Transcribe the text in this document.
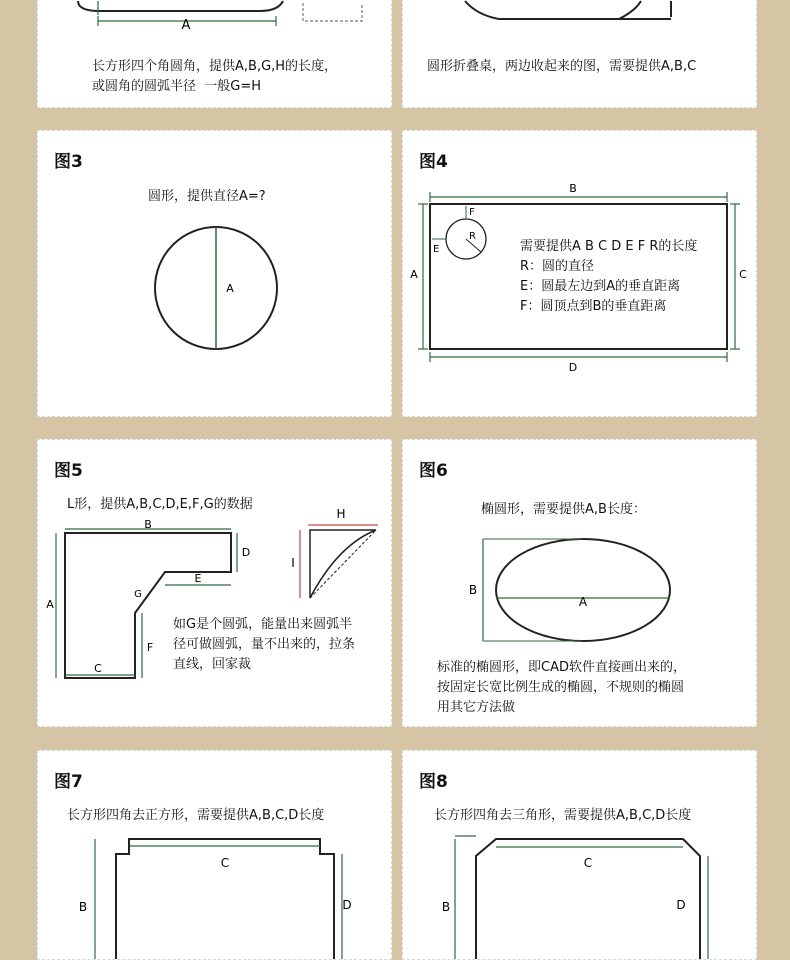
A
长方形四个角圆角，提供A,B,G,H的长度，
或圆角的圆弧半径  一般G=H
圆形折叠桌，两边收起来的图，需要提供A,B,C
图3
圆形，提供直径A=?
A
图4
B
D
A	C
R
F
E	需要提供A B C D E F R的长度
R：圆的直径
E：圆最左边到A的垂直距离
F：圆顶点到B的垂直距离
图5
L形，提供A,B,C,D,E,F,G的数据
B
A
C
D
E
F
G
H
I
如G是个圆弧，能量出来圆弧半
径可做圆弧，量不出来的，拉条
直线，回家裁
图6
椭圆形，需要提供A,B长度：
A
B
标准的椭圆形，即CAD软件直接画出来的，
按固定长宽比例生成的椭圆，不规则的椭圆
用其它方法做
图7
长方形四角去正方形，需要提供A,B,C,D长度
C
B	D
图8
长方形四角去三角形，需要提供A,B,C,D长度
C
B	D
